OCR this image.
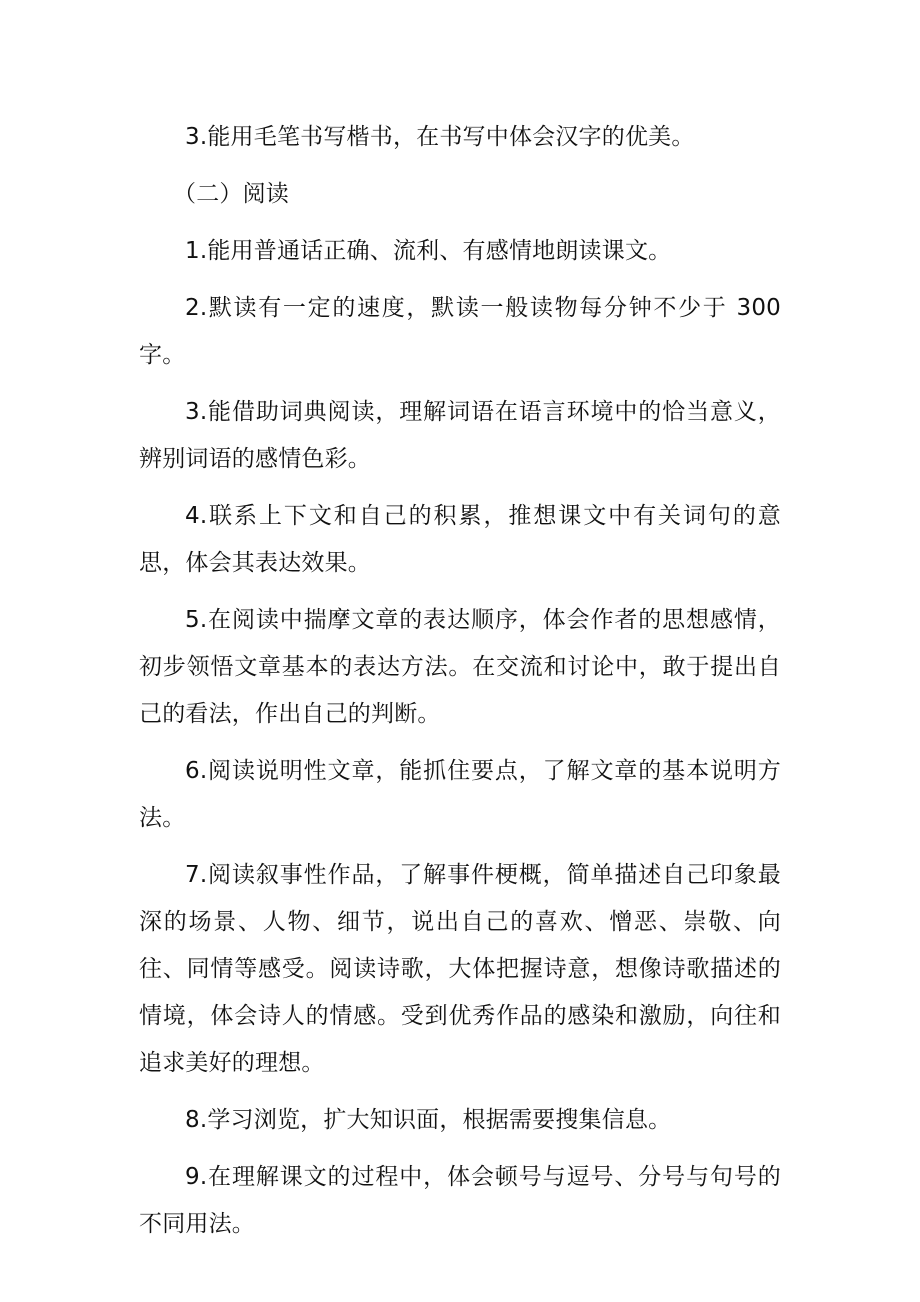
3.能用毛笔书写楷书，在书写中体会汉字的优美。

（二）阅读

1.能用普通话正确、流利、有感情地朗读课文。

2.默读有一定的速度，默读一般读物每分钟不少于 300 字。

3.能借助词典阅读，理解词语在语言环境中的恰当意义，辨别词语的感情色彩。

4.联系上下文和自己的积累，推想课文中有关词句的意思，体会其表达效果。

5.在阅读中揣摩文章的表达顺序，体会作者的思想感情，初步领悟文章基本的表达方法。在交流和讨论中，敢于提出自己的看法，作出自己的判断。

6.阅读说明性文章，能抓住要点，了解文章的基本说明方法。

7.阅读叙事性作品，了解事件梗概，简单描述自己印象最深的场景、人物、细节，说出自己的喜欢、憎恶、崇敬、向往、同情等感受。阅读诗歌，大体把握诗意，想像诗歌描述的情境，体会诗人的情感。受到优秀作品的感染和激励，向往和追求美好的理想。

8.学习浏览，扩大知识面，根据需要搜集信息。

9.在理解课文的过程中，体会顿号与逗号、分号与句号的不同用法。
